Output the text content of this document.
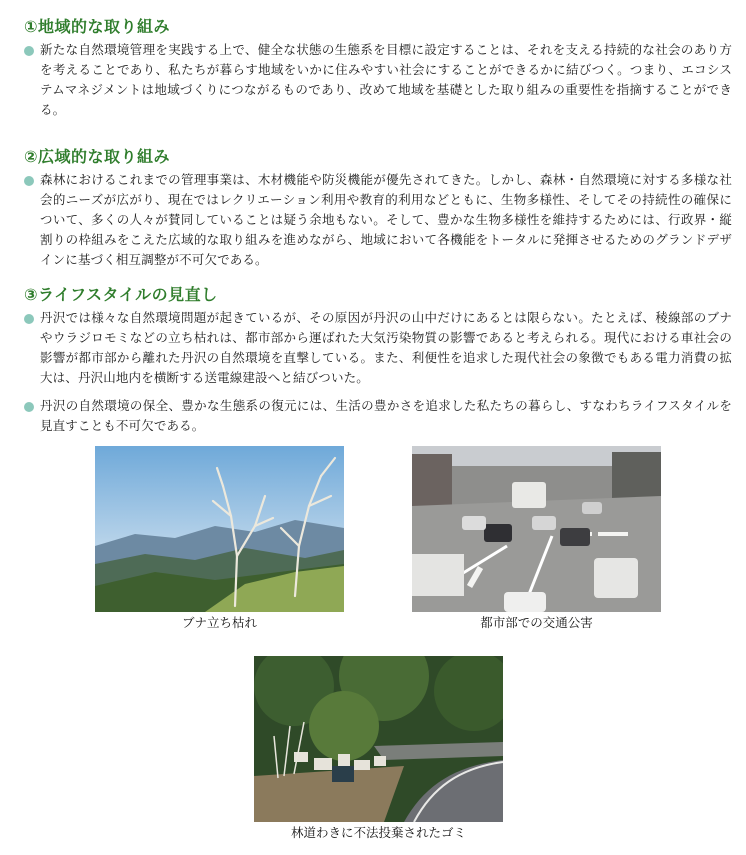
①地域的な取り組み
新たな自然環境管理を実践する上で、健全な状態の生態系を目標に設定することは、それを支える持続的な社会のあり方を考えることであり、私たちが暮らす地域をいかに住みやすい社会にすることができるかに結びつく。つまり、エコシステムマネジメントは地域づくりにつながるものであり、改めて地域を基礎とした取り組みの重要性を指摘することができる。
②広域的な取り組み
森林におけるこれまでの管理事業は、木材機能や防災機能が優先されてきた。しかし、森林・自然環境に対する多様な社会的ニーズが広がり、現在ではレクリエーション利用や教育的利用などともに、生物多様性、そしてその持続性の確保について、多くの人々が賛同していることは疑う余地もない。そして、豊かな生物多様性を維持するためには、行政界・縦割りの枠組みをこえた広域的な取り組みを進めながら、地域において各機能をトータルに発揮させるためのグランドデザインに基づく相互調整が不可欠である。
③ライフスタイルの見直し
丹沢では様々な自然環境問題が起きているが、その原因が丹沢の山中だけにあるとは限らない。たとえば、稜線部のブナやウラジロモミなどの立ち枯れは、都市部から運ばれた大気汚染物質の影響であると考えられる。現代における車社会の影響が都市部から離れた丹沢の自然環境を直撃している。また、利便性を追求した現代社会の象徴でもある電力消費の拡大は、丹沢山地内を横断する送電線建設へと結びついた。
丹沢の自然環境の保全、豊かな生態系の復元には、生活の豊かさを追求した私たちの暮らし、すなわちライフスタイルを見直すことも不可欠である。
ブナ立ち枯れ	都市部での交通公害
林道わきに不法投棄されたゴミ
